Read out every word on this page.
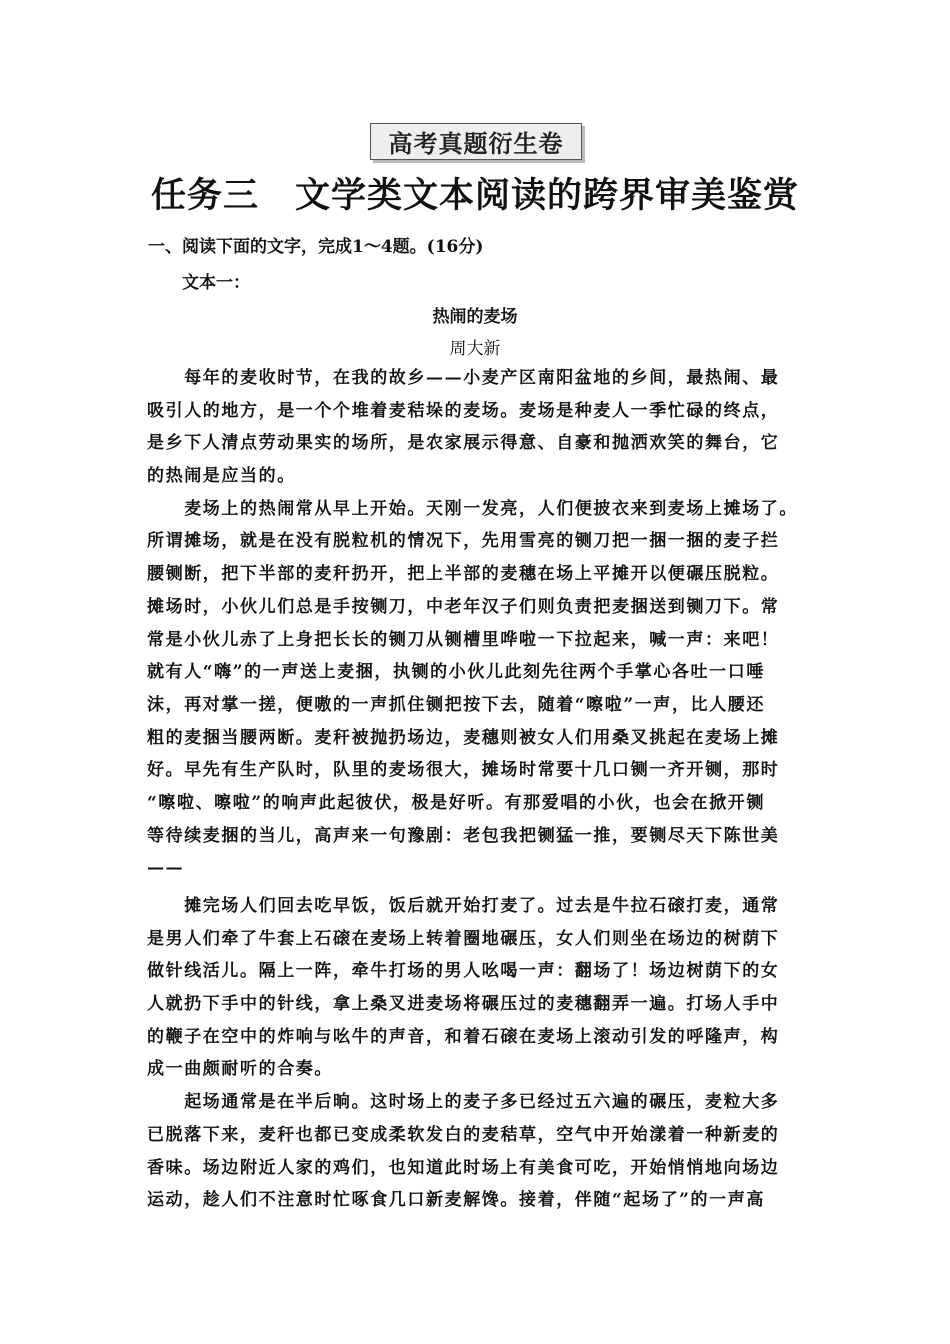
高考真题衍生卷
任务三　文学类文本阅读的跨界审美鉴赏
一、阅读下面的文字，完成1～4题。(16分)
文本一：
热闹的麦场
周大新
　　每年的麦收时节，在我的故乡——小麦产区南阳盆地的乡间，最热闹、最
吸引人的地方，是一个个堆着麦秸垛的麦场。麦场是种麦人一季忙碌的终点，
是乡下人清点劳动果实的场所，是农家展示得意、自豪和抛洒欢笑的舞台，它
的热闹是应当的。
　　麦场上的热闹常从早上开始。天刚一发亮，人们便披衣来到麦场上摊场了。
所谓摊场，就是在没有脱粒机的情况下，先用雪亮的铡刀把一捆一捆的麦子拦
腰铡断，把下半部的麦秆扔开，把上半部的麦穗在场上平摊开以便碾压脱粒。
摊场时，小伙儿们总是手按铡刀，中老年汉子们则负责把麦捆送到铡刀下。常
常是小伙儿赤了上身把长长的铡刀从铡槽里哗啦一下拉起来，喊一声：来吧！
就有人“嗨”的一声送上麦捆，执铡的小伙儿此刻先往两个手掌心各吐一口唾
沫，再对掌一搓，便嗷的一声抓住铡把按下去，随着“嚓啦”一声，比人腰还
粗的麦捆当腰两断。麦秆被抛扔场边，麦穗则被女人们用桑叉挑起在麦场上摊
好。早先有生产队时，队里的麦场很大，摊场时常要十几口铡一齐开铡，那时
“嚓啦、嚓啦”的响声此起彼伏，极是好听。有那爱唱的小伙，也会在掀开铡
等待续麦捆的当儿，高声来一句豫剧：老包我把铡猛一推，要铡尽天下陈世美
——
　　摊完场人们回去吃早饭，饭后就开始打麦了。过去是牛拉石磙打麦，通常
是男人们牵了牛套上石磙在麦场上转着圈地碾压，女人们则坐在场边的树荫下
做针线活儿。隔上一阵，牵牛打场的男人吆喝一声：翻场了！场边树荫下的女
人就扔下手中的针线，拿上桑叉进麦场将碾压过的麦穗翻弄一遍。打场人手中
的鞭子在空中的炸响与吆牛的声音，和着石磙在麦场上滚动引发的呼隆声，构
成一曲颇耐听的合奏。
　　起场通常是在半后晌。这时场上的麦子多已经过五六遍的碾压，麦粒大多
已脱落下来，麦秆也都已变成柔软发白的麦秸草，空气中开始漾着一种新麦的
香味。场边附近人家的鸡们，也知道此时场上有美食可吃，开始悄悄地向场边
运动，趁人们不注意时忙啄食几口新麦解馋。接着，伴随“起场了”的一声高
